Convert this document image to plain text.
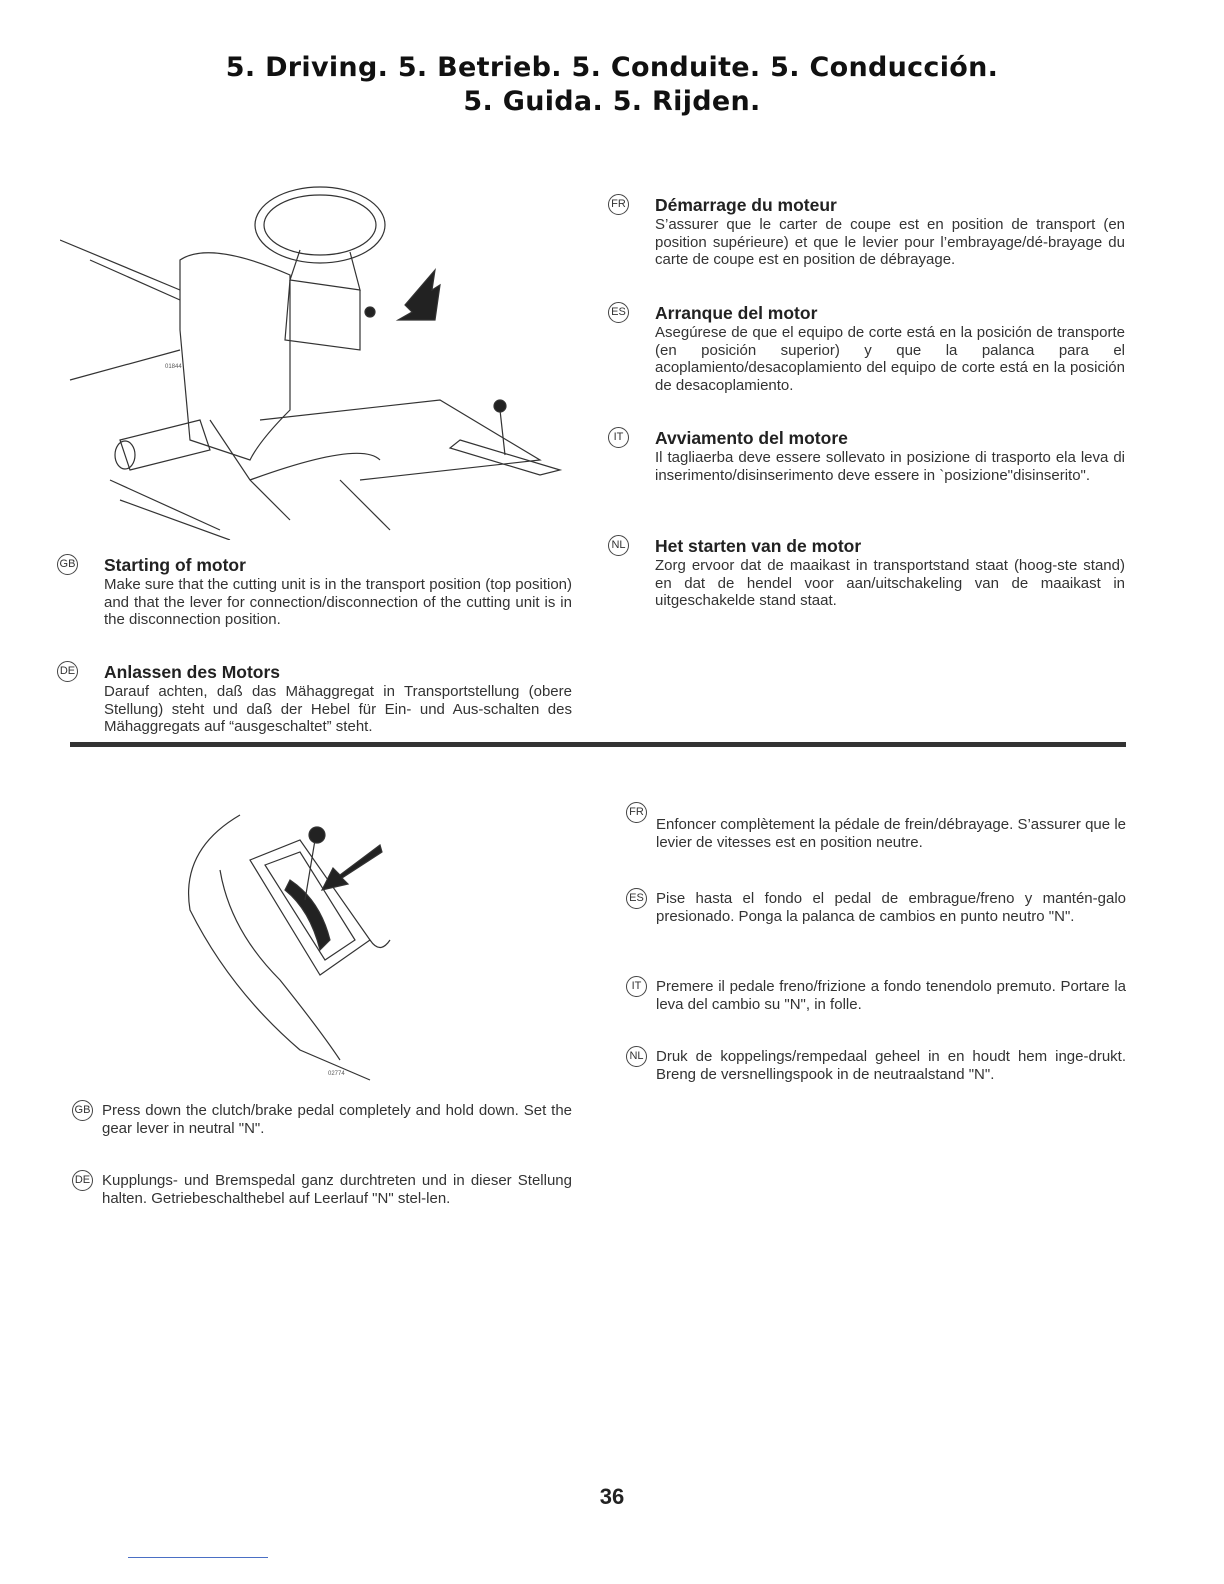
5. Driving. 5. Betrieb. 5. Conduite. 5. Conducción.
5. Guida. 5. Rijden.
01844
GB Starting of motor
Make sure that the cutting unit is in the transport position (top position) and that the lever for connection/disconnection of the cutting unit is in the disconnection position.
DE Anlassen des Motors
Darauf achten, daß das Mähaggregat in Transportstellung (obere Stellung) steht und daß der Hebel für Ein- und Aus-schalten des Mähaggregats auf “ausgeschaltet” steht.
FR Démarrage du moteur
S’assurer que le carter de coupe est en position de transport (en position supérieure) et que le levier pour l’embrayage/dé-brayage du carte de coupe est en position de débrayage.
ES Arranque del motor
Asegúrese de que el equipo de corte está en la posición de transporte (en posición superior) y que la palanca para el acoplamiento/desacoplamiento del equipo de corte está en la posición de desacoplamiento.
IT	Avviamento del motore
Il tagliaerba deve essere sollevato in posizione di trasporto ela leva di inserimento/disinserimento deve essere in `posizione"disinserito".
NL Het starten van de motor
Zorg ervoor dat de maaikast in transportstand staat (hoog-ste stand) en dat de hendel voor aan/uitschakeling van de maaikast in uitgeschakelde stand staat.
02774
GB Press down the clutch/brake pedal completely and hold down. Set the gear lever in neutral "N".
DE Kupplungs- und Bremspedal ganz durchtreten und in dieser Stellung halten. Getriebeschalthebel auf Leerlauf "N" stel-len.
FR
Enfoncer complètement la pédale de frein/débrayage. S’assurer que le levier de vitesses est en position neutre.
ES Pise hasta el fondo el pedal de embrague/freno y mantén-galo presionado. Ponga la palanca de cambios en punto neutro "N".
IT Premere il pedale freno/frizione a fondo tenendolo premuto. Portare la leva del cambio su "N", in folle.
NL Druk de koppelings/rempedaal geheel in en houdt hem inge-drukt. Breng de versnellingspook in de neutraalstand "N".
36
